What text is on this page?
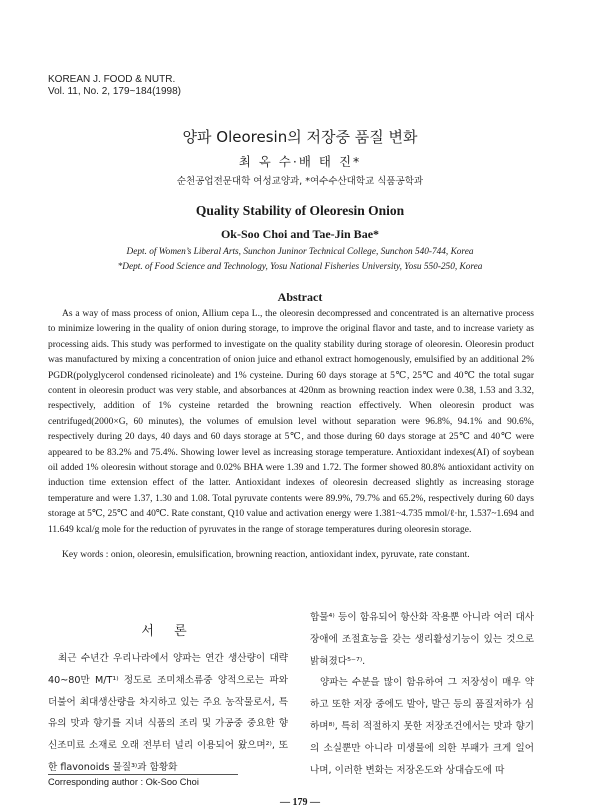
KOREAN J. FOOD & NUTR.
Vol. 11, No. 2, 179~184(1998)
양파 Oleoresin의 저장중 품질 변화
최 옥 수·배 태 진*
순천공업전문대학 여성교양과, *여수수산대학교 식품공학과
Quality Stability of Oleoresin Onion
Ok-Soo Choi and Tae-Jin Bae*
Dept. of Women’s Liberal Arts, Sunchon Juninor Technical College, Sunchon 540-744, Korea
*Dept. of Food Science and Technology, Yosu National Fisheries University, Yosu 550-250, Korea
Abstract

As a way of mass process of onion, Allium cepa L., the oleoresin decompressed and concentrated is an alternative process to minimize lowering in the quality of onion during storage, to improve the original flavor and taste, and to increase variety as processing aids. This study was performed to investigate on the quality stability during storage of oleoresin. Oleoresin product was manufactured by mixing a concentration of onion juice and ethanol extract homogenously, emulsified by an additional 2% PGDR(polyglycerol condensed ricinoleate) and 1% cysteine. During 60 days storage at 5℃, 25℃ and 40℃ the total sugar content in oleoresin product was very stable, and absorbances at 420nm as browning reaction index were 0.38, 1.53 and 3.32, respectively, addition of 1% cysteine retarded the browning reaction effectively. When oleoresin product was centrifuged(2000×G, 60 minutes), the volumes of emulsion level without separation were 96.8%, 94.1% and 90.6%, respectively during 20 days, 40 days and 60 days storage at 5℃, and those during 60 days storage at 25℃ and 40℃ were appeared to be 83.2% and 75.4%. Showing lower level as increasing storage temperature. Antioxidant indexes(AI) of soybean oil added 1% oleoresin without storage and 0.02% BHA were 1.39 and 1.72. The former showed 80.8% antioxidant activity on induction time extension effect of the latter. Antioxidant indexes of oleoresin decreased slightly as increasing storage temperature and were 1.37, 1.30 and 1.08. Total pyruvate contents were 89.9%, 79.7% and 65.2%, respectively during 60 days storage at 5℃, 25℃ and 40℃. Rate constant, Q10 value and activation energy were 1.381~4.735 mmol/ℓ·hr, 1.537~1.694 and 11.649 kcal/g mole for the reduction of pyruvates in the range of storage temperatures during oleoresin storage.

Key words : onion, oleoresin, emulsification, browning reaction, antioxidant index, pyruvate, rate constant.

서 론

최근 수년간 우리나라에서 양파는 연간 생산량이 대략 40~80만 M/T¹⁾ 정도로 조미채소류중 양적으로는 파와 더불어 최대생산량을 차지하고 있는 주요 농작물로서, 특유의 맛과 향기를 지녀 식품의 조리 및 가공중 중요한 향신조미료 소재로 오래 전부터 널리 이용되어 왔으며²⁾, 또한 flavonoids 물질³⁾과 함황화

합물⁴⁾ 등이 함유되어 항산화 작용뿐 아니라 여러 대사 장애에 조절효능을 갖는 생리활성기능이 있는 것으로 밝혀졌다⁵⁻⁷⁾.

양파는 수분을 많이 함유하여 그 저장성이 매우 약하고 또한 저장 중에도 발아, 발근 등의 품질저하가 심하며⁸⁾, 특히 적절하지 못한 저장조건에서는 맛과 향기의 소실뿐만 아니라 미생물에 의한 부패가 크게 일어나며, 이러한 변화는 저장온도와 상대습도에 따

Corresponding author : Ok-Soo Choi
— 179 —
